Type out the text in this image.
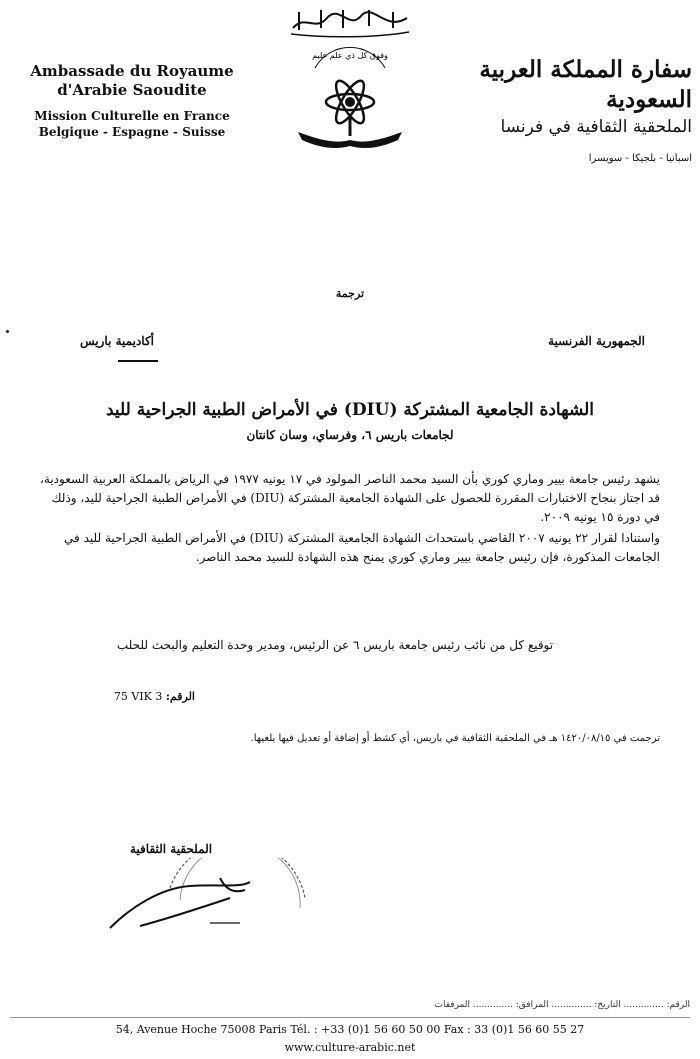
وفوق كل ذي علم عليم
Ambassade du Royaume
d'Arabie Saoudite
Mission Culturelle en France
Belgique - Espagne - Suisse
سفارة المملكة العربية السعودية
الملحقية الثقافية في فرنسا
اسبانيا - بلجيكا - سويسرا
ترجمة
الجمهورية الفرنسية
أكاديمية باريس
الشهادة الجامعية المشتركة (DIU) في الأمراض الطبية الجراحية لليد
لجامعات باريس ٦، وفرساي، وسان كانتان

يشهد رئيس جامعة بيير وماري كوري بأن السيد محمد الناصر المولود في ١٧ يونيه ١٩٧٧ في الرياض بالمملكة العربية السعودية، قد اجتاز بنجاح الاختبارات المقررة للحصول على الشهادة الجامعية المشتركة (DIU) في الأمراض الطبية الجراحية لليد، وذلك في دورة ١٥ يونيه ٢٠٠٩.

واستنادا لقرار ٢٢ يونيه ٢٠٠٧ القاضي باستحداث الشهادة الجامعية المشتركة (DIU) في الأمراض الطبية الجراحية لليد في الجامعات المذكورة، فإن رئيس جامعة بيير وماري كوري يمنح هذه الشهادة للسيد محمد الناصر.

توقيع كل من نائب رئيس جامعة باريس ٦ عن الرئيس، ومدير وحدة التعليم والبحث للحلب
الرقم: 75 VIK 3
ترجمت في ١٤٢٠/٠٨/١٥ هـ في الملحقية الثقافية في باريس، أي كشط أو إضافة أو تعديل فيها يلغيها.
الملحقية الثقافية
الرقم: .............. التاريخ: .............. المرافق: .............. المرفقات
54, Avenue Hoche 75008 Paris Tél. : +33 (0)1 56 60 50 00 Fax : 33 (0)1 56 60 55 27
www.culture-arabic.net
